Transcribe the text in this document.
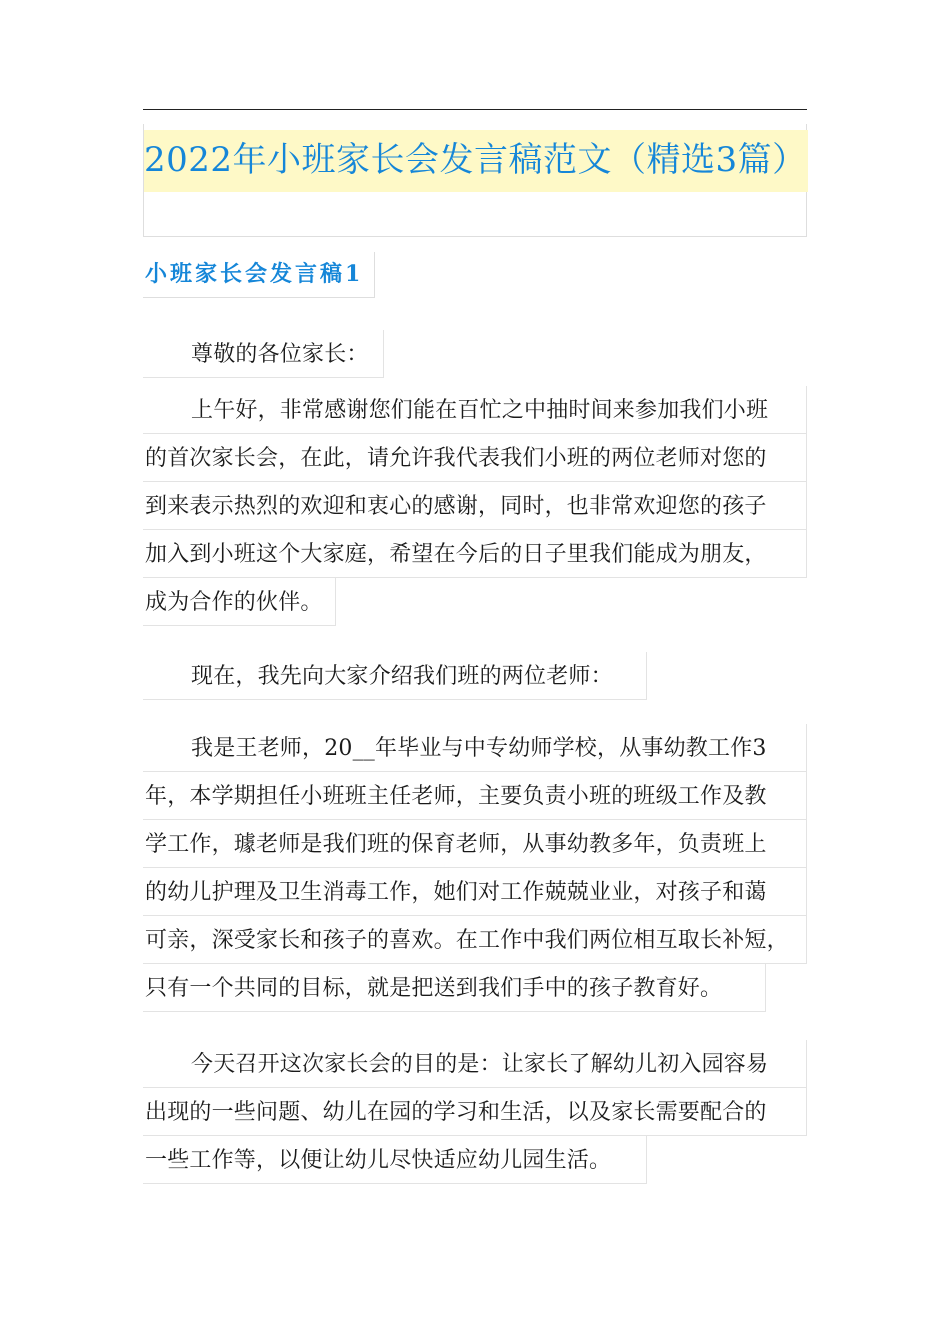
2022年小班家长会发言稿范文（精选3篇）
小班家长会发言稿1
尊敬的各位家长：
上午好，非常感谢您们能在百忙之中抽时间来参加我们小班
的首次家长会，在此，请允许我代表我们小班的两位老师对您的
到来表示热烈的欢迎和衷心的感谢，同时，也非常欢迎您的孩子
加入到小班这个大家庭，希望在今后的日子里我们能成为朋友，
成为合作的伙伴。
现在，我先向大家介绍我们班的两位老师：
我是王老师，20__年毕业与中专幼师学校，从事幼教工作3
年，本学期担任小班班主任老师，主要负责小班的班级工作及教
学工作，璩老师是我们班的保育老师，从事幼教多年，负责班上
的幼儿护理及卫生消毒工作，她们对工作兢兢业业，对孩子和蔼
可亲，深受家长和孩子的喜欢。在工作中我们两位相互取长补短，
只有一个共同的目标，就是把送到我们手中的孩子教育好。
今天召开这次家长会的目的是：让家长了解幼儿初入园容易
出现的一些问题、幼儿在园的学习和生活，以及家长需要配合的
一些工作等，以便让幼儿尽快适应幼儿园生活。
